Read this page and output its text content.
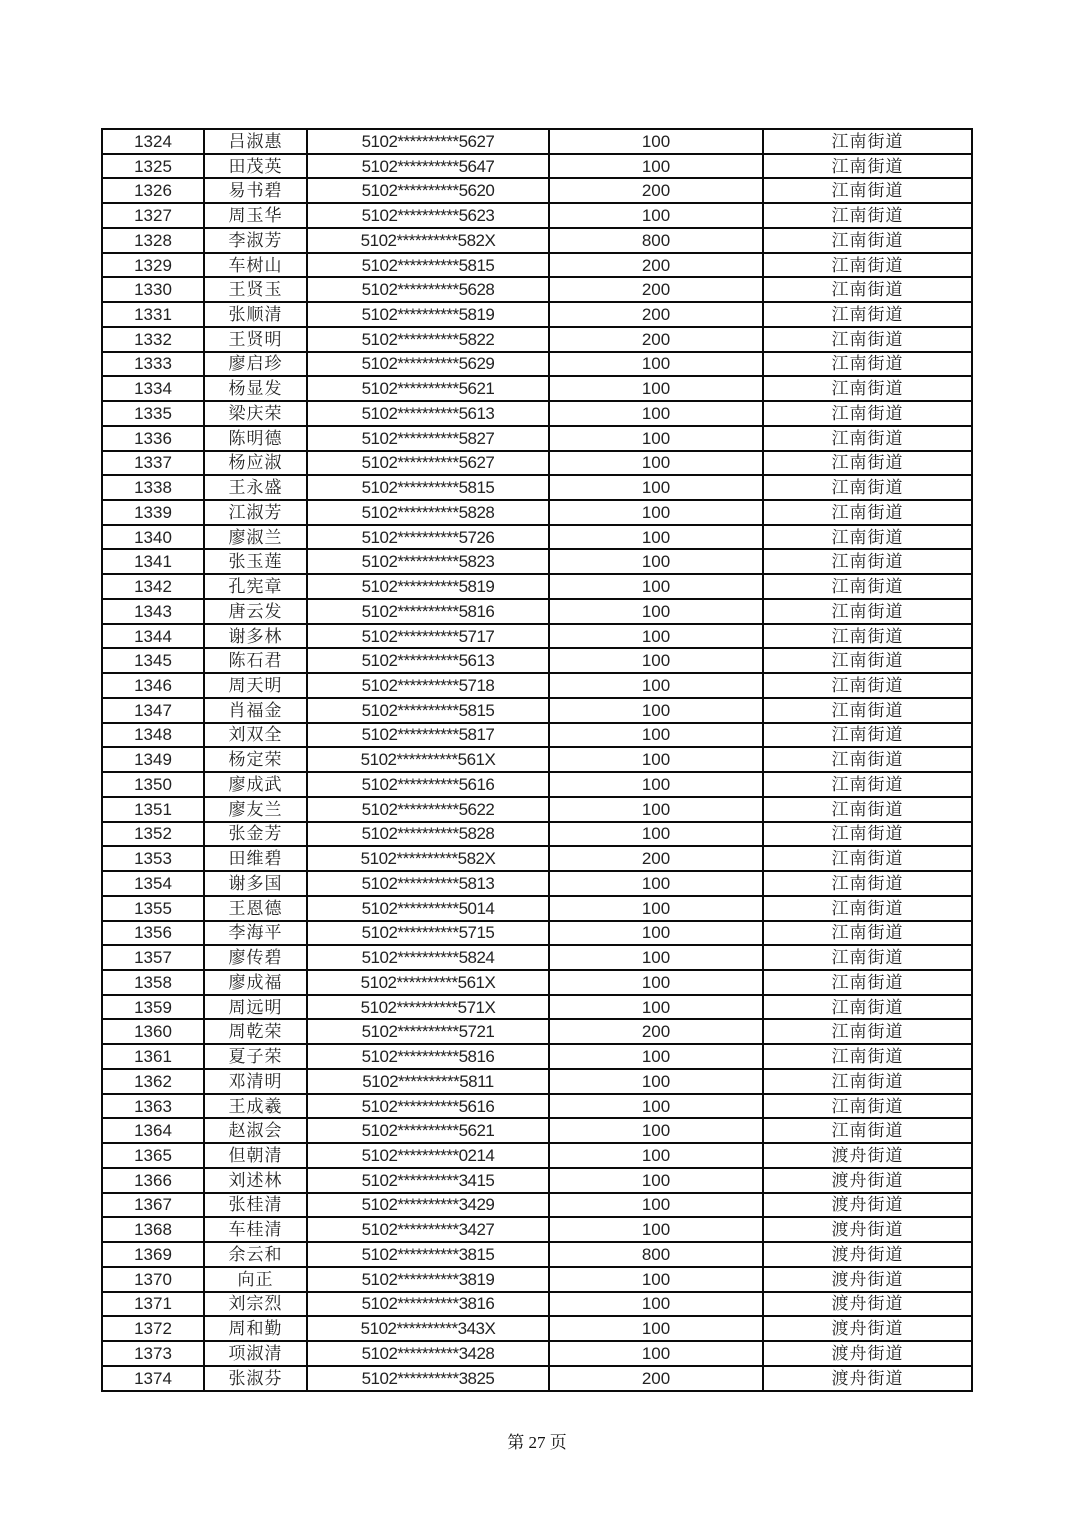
1324	吕淑惠	5102**********5627	100	江南街道
1325	田茂英	5102**********5647	100	江南街道
1326	易书碧	5102**********5620	200	江南街道
1327	周玉华	5102**********5623	100	江南街道
1328	李淑芳	5102**********582X	800	江南街道
1329	车树山	5102**********5815	200	江南街道
1330	王贤玉	5102**********5628	200	江南街道
1331	张顺清	5102**********5819	200	江南街道
1332	王贤明	5102**********5822	200	江南街道
1333	廖启珍	5102**********5629	100	江南街道
1334	杨显发	5102**********5621	100	江南街道
1335	梁庆荣	5102**********5613	100	江南街道
1336	陈明德	5102**********5827	100	江南街道
1337	杨应淑	5102**********5627	100	江南街道
1338	王永盛	5102**********5815	100	江南街道
1339	江淑芳	5102**********5828	100	江南街道
1340	廖淑兰	5102**********5726	100	江南街道
1341	张玉莲	5102**********5823	100	江南街道
1342	孔宪章	5102**********5819	100	江南街道
1343	唐云发	5102**********5816	100	江南街道
1344	谢多林	5102**********5717	100	江南街道
1345	陈石君	5102**********5613	100	江南街道
1346	周天明	5102**********5718	100	江南街道
1347	肖福金	5102**********5815	100	江南街道
1348	刘双全	5102**********5817	100	江南街道
1349	杨定荣	5102**********561X	100	江南街道
1350	廖成武	5102**********5616	100	江南街道
1351	廖友兰	5102**********5622	100	江南街道
1352	张金芳	5102**********5828	100	江南街道
1353	田维碧	5102**********582X	200	江南街道
1354	谢多国	5102**********5813	100	江南街道
1355	王恩德	5102**********5014	100	江南街道
1356	李海平	5102**********5715	100	江南街道
1357	廖传碧	5102**********5824	100	江南街道
1358	廖成福	5102**********561X	100	江南街道
1359	周远明	5102**********571X	100	江南街道
1360	周乾荣	5102**********5721	200	江南街道
1361	夏子荣	5102**********5816	100	江南街道
1362	邓清明	5102**********5811	100	江南街道
1363	王成羲	5102**********5616	100	江南街道
1364	赵淑会	5102**********5621	100	江南街道
1365	但朝清	5102**********0214	100	渡舟街道
1366	刘述林	5102**********3415	100	渡舟街道
1367	张桂清	5102**********3429	100	渡舟街道
1368	车桂清	5102**********3427	100	渡舟街道
1369	余云和	5102**********3815	800	渡舟街道
1370	向正	5102**********3819	100	渡舟街道
1371	刘宗烈	5102**********3816	100	渡舟街道
1372	周和勤	5102**********343X	100	渡舟街道
1373	项淑清	5102**********3428	100	渡舟街道
1374	张淑芬	5102**********3825	200	渡舟街道
第 27 页
